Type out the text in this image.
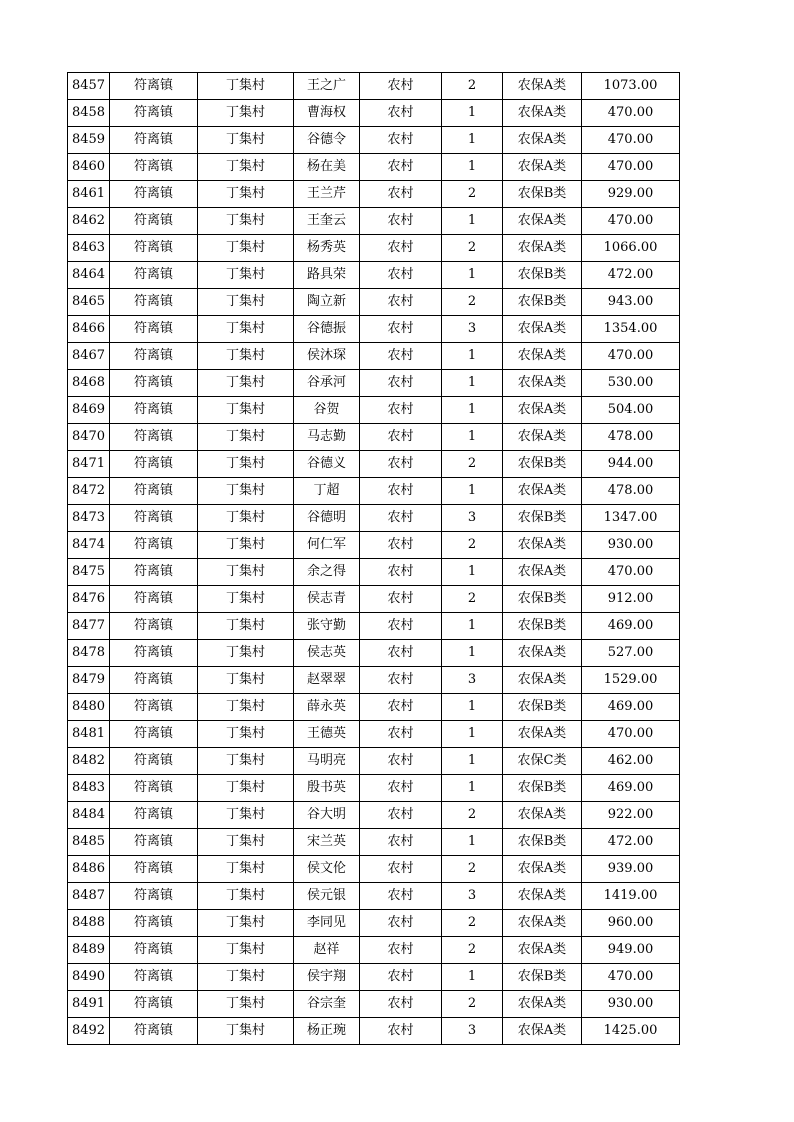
8457	符离镇	丁集村	王之广	农村	2	农保A类	1073.00
8458	符离镇	丁集村	曹海权	农村	1	农保A类	470.00
8459	符离镇	丁集村	谷德令	农村	1	农保A类	470.00
8460	符离镇	丁集村	杨在美	农村	1	农保A类	470.00
8461	符离镇	丁集村	王兰芹	农村	2	农保B类	929.00
8462	符离镇	丁集村	王奎云	农村	1	农保A类	470.00
8463	符离镇	丁集村	杨秀英	农村	2	农保A类	1066.00
8464	符离镇	丁集村	路具荣	农村	1	农保B类	472.00
8465	符离镇	丁集村	陶立新	农村	2	农保B类	943.00
8466	符离镇	丁集村	谷德振	农村	3	农保A类	1354.00
8467	符离镇	丁集村	侯沐琛	农村	1	农保A类	470.00
8468	符离镇	丁集村	谷承河	农村	1	农保A类	530.00
8469	符离镇	丁集村	谷贺	农村	1	农保A类	504.00
8470	符离镇	丁集村	马志勤	农村	1	农保A类	478.00
8471	符离镇	丁集村	谷德义	农村	2	农保B类	944.00
8472	符离镇	丁集村	丁超	农村	1	农保A类	478.00
8473	符离镇	丁集村	谷德明	农村	3	农保B类	1347.00
8474	符离镇	丁集村	何仁军	农村	2	农保A类	930.00
8475	符离镇	丁集村	余之得	农村	1	农保A类	470.00
8476	符离镇	丁集村	侯志青	农村	2	农保B类	912.00
8477	符离镇	丁集村	张守勤	农村	1	农保B类	469.00
8478	符离镇	丁集村	侯志英	农村	1	农保A类	527.00
8479	符离镇	丁集村	赵翠翠	农村	3	农保A类	1529.00
8480	符离镇	丁集村	薛永英	农村	1	农保B类	469.00
8481	符离镇	丁集村	王德英	农村	1	农保A类	470.00
8482	符离镇	丁集村	马明亮	农村	1	农保C类	462.00
8483	符离镇	丁集村	殷书英	农村	1	农保B类	469.00
8484	符离镇	丁集村	谷大明	农村	2	农保A类	922.00
8485	符离镇	丁集村	宋兰英	农村	1	农保B类	472.00
8486	符离镇	丁集村	侯文伦	农村	2	农保A类	939.00
8487	符离镇	丁集村	侯元银	农村	3	农保A类	1419.00
8488	符离镇	丁集村	李同见	农村	2	农保A类	960.00
8489	符离镇	丁集村	赵祥	农村	2	农保A类	949.00
8490	符离镇	丁集村	侯宇翔	农村	1	农保B类	470.00
8491	符离镇	丁集村	谷宗奎	农村	2	农保A类	930.00
8492	符离镇	丁集村	杨正琬	农村	3	农保A类	1425.00
